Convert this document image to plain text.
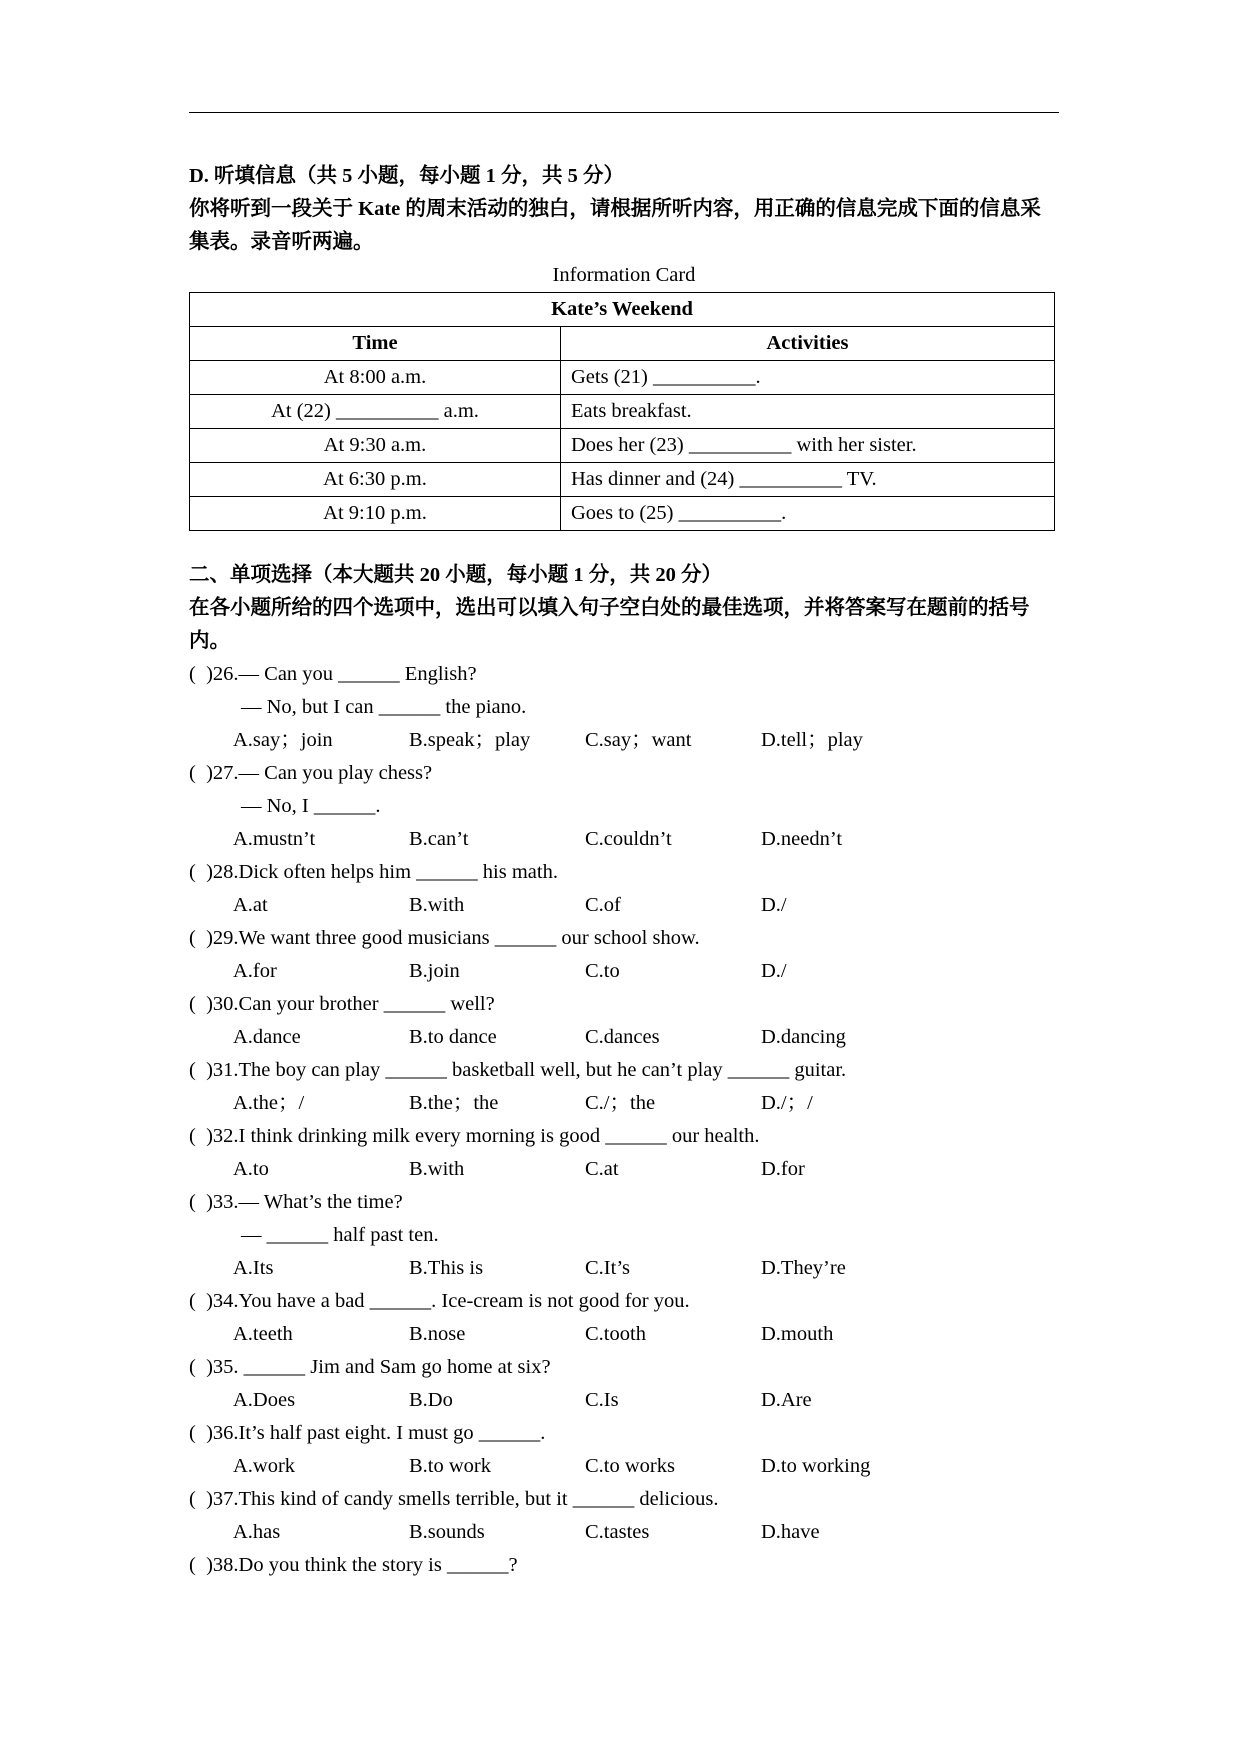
D. 听填信息（共 5 小题，每小题 1 分，共 5 分）
你将听到一段关于 Kate 的周末活动的独白，请根据所听内容，用正确的信息完成下面的信息采集表。录音听两遍。
Information Card
Kate’s Weekend	
Time	Activities
At 8:00 a.m.	Gets (21) __________.
At (22) __________ a.m.	Eats breakfast.
At 9:30 a.m.	Does her (23) __________ with her sister.
At 6:30 p.m.	Has dinner and (24) __________ TV.
At 9:10 p.m.	Goes to (25) __________.
二、单项选择（本大题共 20 小题，每小题 1 分，共 20 分）
在各小题所给的四个选项中，选出可以填入句子空白处的最佳选项，并将答案写在题前的括号内。
(  )26.— Can you ______ English?
— No, but I can ______ the piano.
A.say；join	B.speak；play	C.say；want	D.tell；play
(  )27.— Can you play chess?
— No, I ______.
A.mustn’t	B.can’t	C.couldn’t	D.needn’t
(  )28.Dick often helps him ______ his math.
A.at	B.with	C.of	D./
(  )29.We want three good musicians ______ our school show.
A.for	B.join	C.to	D./
(  )30.Can your brother ______ well?
A.dance	B.to dance	C.dances	D.dancing
(  )31.The boy can play ______ basketball well, but he can’t play ______ guitar.
A.the；/	B.the；the	C./；the	D./；/
(  )32.I think drinking milk every morning is good ______ our health.
A.to	B.with	C.at	D.for
(  )33.— What’s the time?
— ______ half past ten.
A.Its	B.This is	C.It’s	D.They’re
(  )34.You have a bad ______. Ice-cream is not good for you.
A.teeth	B.nose	C.tooth	D.mouth
(  )35. ______ Jim and Sam go home at six?
A.Does	B.Do	C.Is	D.Are
(  )36.It’s half past eight. I must go ______.
A.work	B.to work	C.to works	D.to working
(  )37.This kind of candy smells terrible, but it ______ delicious.
A.has	B.sounds	C.tastes	D.have
(  )38.Do you think the story is ______?
